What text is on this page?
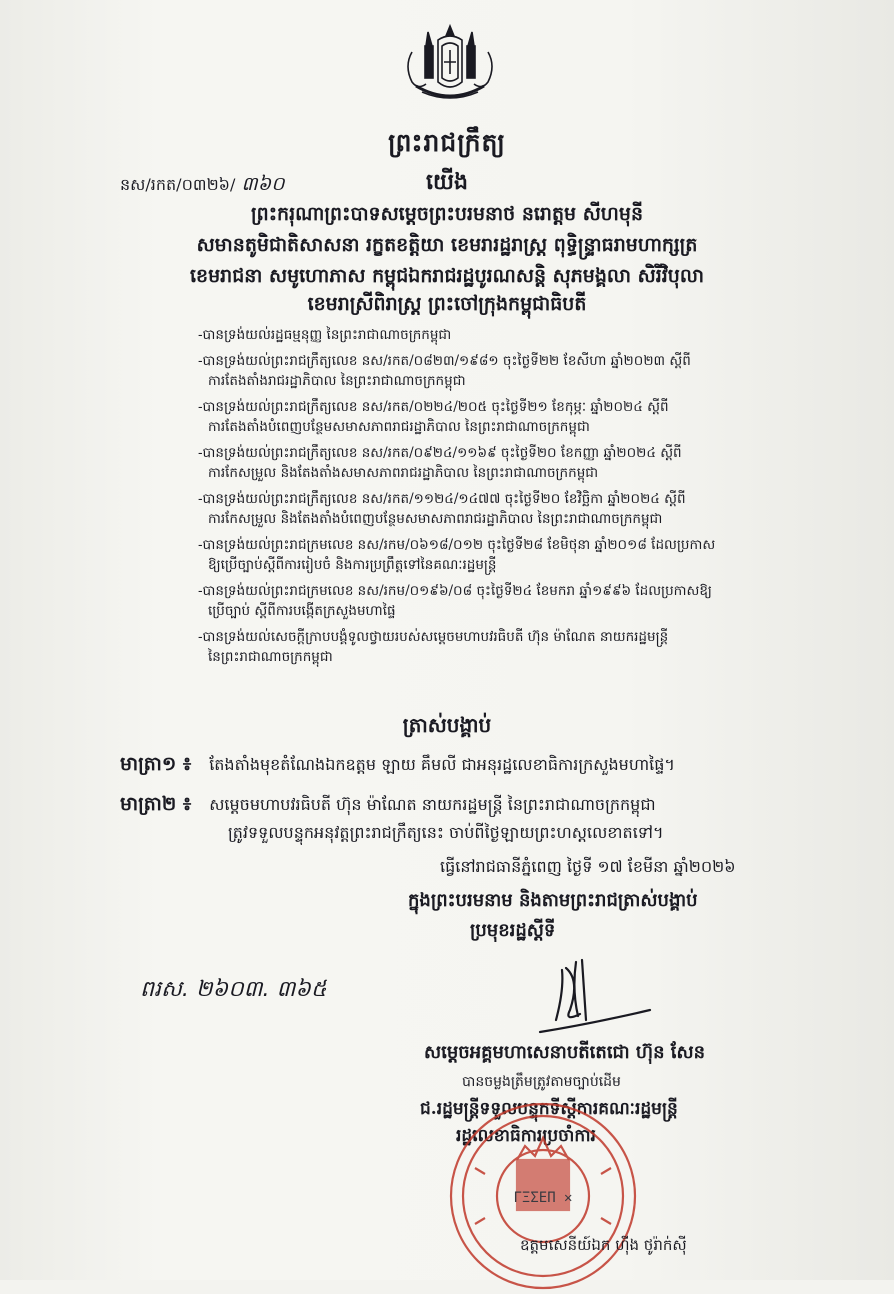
ព្រះរាជក្រឹត្យ
នស/រកត/០៣២៦/ ៣៦០	យើង
ព្រះករុណាព្រះបាទសម្តេចព្រះបរមនាថ នរោត្តម សីហមុនី
សមានតូមិជាតិសាសនា រក្ខតខត្តិយា ខេមរារដ្ឋរាស្ត្រ ពុទ្ធិន្រ្ទាធរាមហាក្សត្រ
ខេមរាជនា សមូហោភាស កម្ពុជឯករាជរដ្ឋបូរណសន្តិ សុភមង្គលា សិរីវិបុលា
ខេមរាស្រីពិរាស្ត្រ ព្រះចៅក្រុងកម្ពុជាធិបតី
-បានទ្រង់យល់រដ្ឋធម្មនុញ្ញ នៃព្រះរាជាណាចក្រកម្ពុជា
-បានទ្រង់យល់ព្រះរាជក្រឹត្យលេខ នស/រកត/០៨២៣/១៩៨១ ចុះថ្ងៃទី២២ ខែសីហា ឆ្នាំ២០២៣ ស្តីពី
ការតែងតាំងរាជរដ្ឋាភិបាល នៃព្រះរាជាណាចក្រកម្ពុជា
-បានទ្រង់យល់ព្រះរាជក្រឹត្យលេខ នស/រកត/០២២៤/២០៥ ចុះថ្ងៃទី២១ ខែកុម្ភៈ ឆ្នាំ២០២៤ ស្តីពី
ការតែងតាំងបំពេញបន្ថែមសមាសភាពរាជរដ្ឋាភិបាល នៃព្រះរាជាណាចក្រកម្ពុជា
-បានទ្រង់យល់ព្រះរាជក្រឹត្យលេខ នស/រកត/០៩២៤/១១៦៩ ចុះថ្ងៃទី២០ ខែកញ្ញា ឆ្នាំ២០២៤ ស្តីពី
ការកែសម្រួល និងតែងតាំងសមាសភាពរាជរដ្ឋាភិបាល នៃព្រះរាជាណាចក្រកម្ពុជា
-បានទ្រង់យល់ព្រះរាជក្រឹត្យលេខ នស/រកត/១១២៤/១៤៧៧ ចុះថ្ងៃទី២០ ខែវិច្ឆិកា ឆ្នាំ២០២៤ ស្តីពី
ការកែសម្រួល និងតែងតាំងបំពេញបន្ថែមសមាសភាពរាជរដ្ឋាភិបាល នៃព្រះរាជាណាចក្រកម្ពុជា
-បានទ្រង់យល់ព្រះរាជក្រមលេខ នស/រកម/០៦១៨/០១២ ចុះថ្ងៃទី២៨ ខែមិថុនា ឆ្នាំ២០១៨ ដែលប្រកាស
ឱ្យប្រើច្បាប់ស្តីពីការរៀបចំ និងការប្រព្រឹត្តទៅនៃគណៈរដ្ឋមន្ត្រី
-បានទ្រង់យល់ព្រះរាជក្រមលេខ នស/រកម/០១៩៦/០៨ ចុះថ្ងៃទី២៤ ខែមករា ឆ្នាំ១៩៩៦ ដែលប្រកាសឱ្យ
ប្រើច្បាប់ ស្តីពីការបង្កើតក្រសួងមហាផ្ទៃ
-បានទ្រង់យល់សេចក្តីក្រាបបង្គំទូលថ្វាយរបស់សម្តេចមហាបវរធិបតី ហ៊ុន ម៉ាណែត នាយករដ្ឋមន្ត្រី
នៃព្រះរាជាណាចក្រកម្ពុជា
ត្រាស់បង្គាប់
មាត្រា១ ៖ តែងតាំងមុខតំណែងឯកឧត្តម ឡាយ គឹមលី ជាអនុរដ្ឋលេខាធិការក្រសួងមហាផ្ទៃ។
មាត្រា២ ៖ សម្តេចមហាបវរធិបតី ហ៊ុន ម៉ាណែត នាយករដ្ឋមន្ត្រី នៃព្រះរាជាណាចក្រកម្ពុជា
ត្រូវទទួលបន្ទុកអនុវត្តព្រះរាជក្រឹត្យនេះ ចាប់ពីថ្ងៃឡាយព្រះហស្តលេខាតទៅ។
ធ្វើនៅរាជធានីភ្នំពេញ ថ្ងៃទី ១៧ ខែមីនា ឆ្នាំ២០២៦
ក្នុងព្រះបរមនាម និងតាមព្រះរាជត្រាស់បង្គាប់
ប្រមុខរដ្ឋស្តីទី
ពរស. ២៦០៣. ៣៦៥
សម្តេចអគ្គមហាសេនាបតីតេជោ ហ៊ុន សែន
បានចម្លងត្រឹមត្រូវតាមច្បាប់ដើម
ជ.រដ្ឋមន្ត្រីទទួលបន្ទុកទីស្តីការគណៈរដ្ឋមន្ត្រី
រដ្ឋលេខាធិការប្រចាំការ
ΓΞΣΕΠ ✕
ឧត្តមសេនីយ៍ឯក ហ៊ីង ថូរ៉ាក់ស៊ី
